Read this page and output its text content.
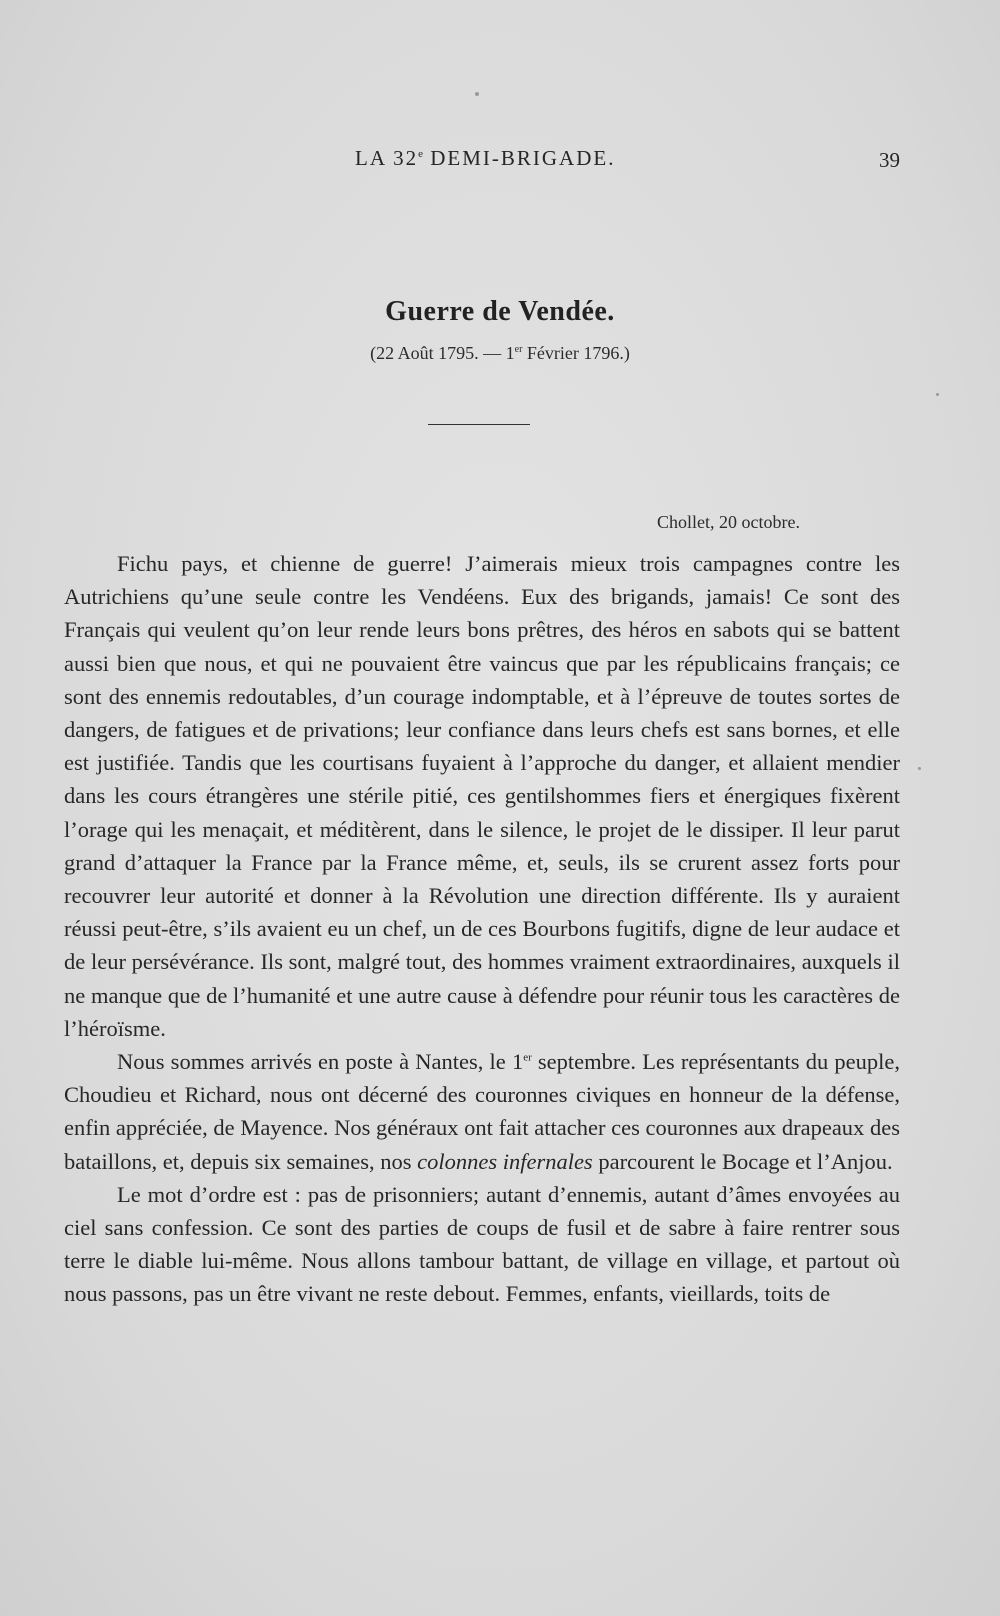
LA 32e DEMI-BRIGADE.	39
Guerre de Vendée.
(22 Août 1795. — 1er Février 1796.)
Chollet, 20 octobre.

Fichu pays, et chienne de guerre! J’aimerais mieux trois campagnes contre les Autrichiens qu’une seule contre les Vendéens. Eux des brigands, jamais! Ce sont des Français qui veulent qu’on leur rende leurs bons prêtres, des héros en sabots qui se battent aussi bien que nous, et qui ne pouvaient être vaincus que par les républicains français; ce sont des ennemis redoutables, d’un courage indomptable, et à l’épreuve de toutes sortes de dangers, de fatigues et de privations; leur confiance dans leurs chefs est sans bornes, et elle est justifiée. Tandis que les courtisans fuyaient à l’approche du danger, et allaient mendier dans les cours étrangères une stérile pitié, ces gentilshommes fiers et énergiques fixèrent l’orage qui les menaçait, et méditèrent, dans le silence, le projet de le dissiper. Il leur parut grand d’attaquer la France par la France même, et, seuls, ils se crurent assez forts pour recouvrer leur autorité et donner à la Révolution une direction différente. Ils y auraient réussi peut-être, s’ils avaient eu un chef, un de ces Bourbons fugitifs, digne de leur audace et de leur persévérance. Ils sont, malgré tout, des hommes vraiment extraordinaires, auxquels il ne manque que de l’humanité et une autre cause à défendre pour réunir tous les caractères de l’héroïsme.

Nous sommes arrivés en poste à Nantes, le 1er septembre. Les représentants du peuple, Choudieu et Richard, nous ont décerné des couronnes civiques en honneur de la défense, enfin appréciée, de Mayence. Nos généraux ont fait attacher ces couronnes aux drapeaux des bataillons, et, depuis six semaines, nos colonnes infernales parcourent le Bocage et l’Anjou.

Le mot d’ordre est : pas de prisonniers; autant d’ennemis, autant d’âmes envoyées au ciel sans confession. Ce sont des parties de coups de fusil et de sabre à faire rentrer sous terre le diable lui-même. Nous allons tambour battant, de village en village, et partout où nous passons, pas un être vivant ne reste debout. Femmes, enfants, vieillards, toits de
